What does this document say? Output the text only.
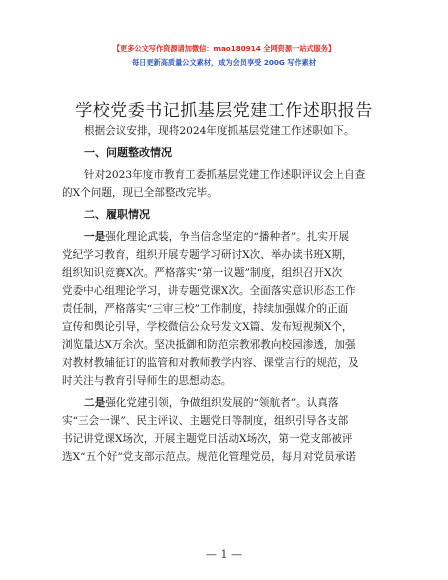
【更多公文写作资源请加微信：mao180914 全网资源一站式服务】
每日更新高质量公文素材，成为会员享受 200G 写作素材
学校党委书记抓基层党建工作述职报告
根据会议安排，现将2024年度抓基层党建工作述职如下。
一、问题整改情况
针对2023年度市教育工委抓基层党建工作述职评议会上自查
的X个问题，现已全部整改完毕。
二、履职情况
一是强化理论武装，争当信念坚定的“播种者”。扎实开展
党纪学习教育，组织开展专题学习研讨X次、举办读书班X期，
组织知识竞赛X次。严格落实“第一议题”制度，组织召开X次
党委中心组理论学习，讲专题党课X次。全面落实意识形态工作
责任制，严格落实“三审三校”工作制度，持续加强媒介的正面
宣传和舆论引导，学校微信公众号发文X篇、发布短视频X个，
浏览量达X万余次。坚决抵御和防范宗教邪教向校园渗透，加强
对教材教辅征订的监管和对教师教学内容、课堂言行的规范，及
时关注与教育引导师生的思想动态。
二是强化党建引领，争做组织发展的“领航者”。认真落
实“三会一课”、民主评议、主题党日等制度，组织引导各支部
书记讲党课X场次，开展主题党日活动X场次，第一党支部被评
选X“五个好”党支部示范点。规范化管理党员，每月对党员承诺
— 1 —
